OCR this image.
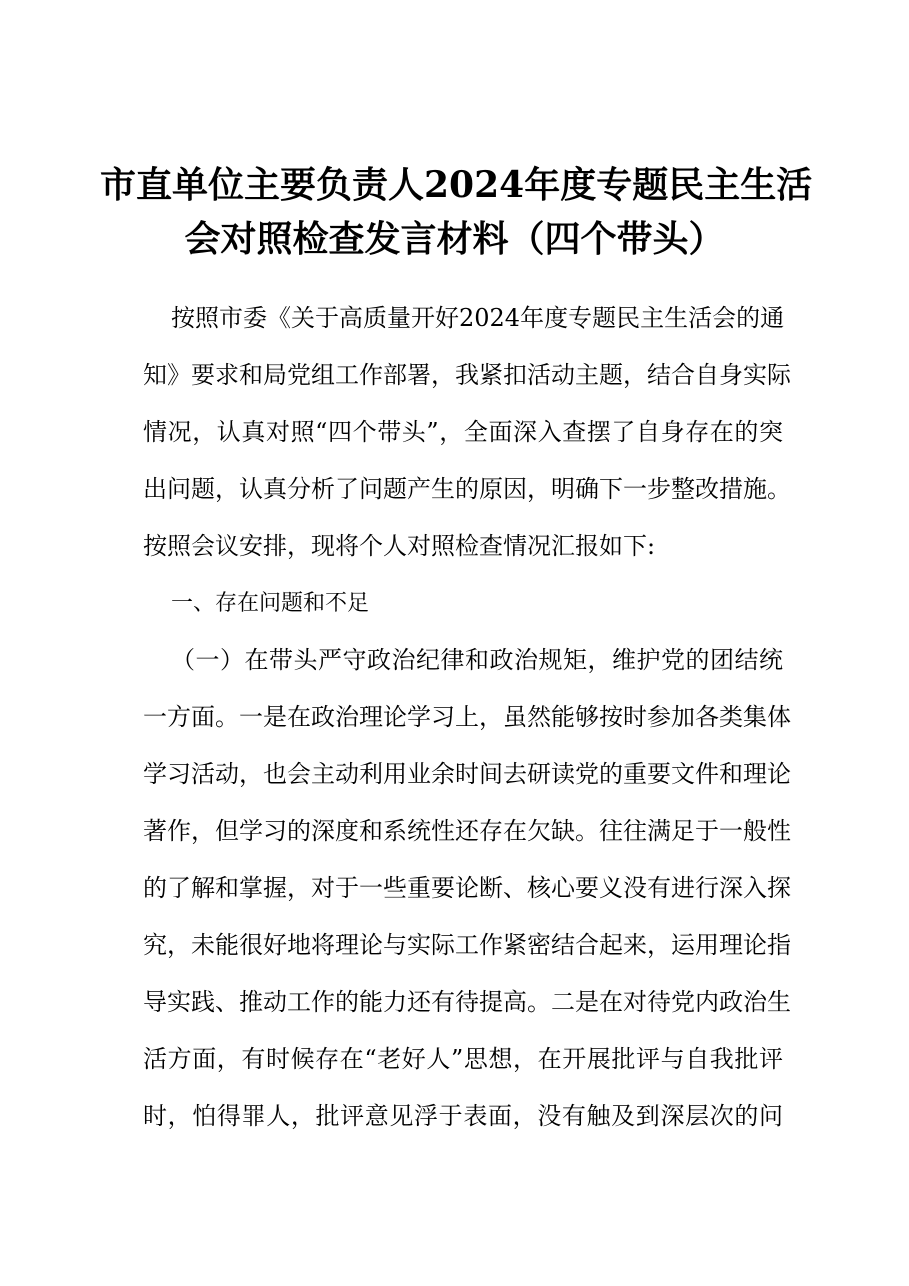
市直单位主要负责人2024年度专题民主生活
会对照检查发言材料（四个带头）
按照市委《关于高质量开好2024年度专题民主生活会的通
知》要求和局党组工作部署，我紧扣活动主题，结合自身实际
情况，认真对照“四个带头”，全面深入查摆了自身存在的突
出问题，认真分析了问题产生的原因，明确下一步整改措施。
按照会议安排，现将个人对照检查情况汇报如下:
一、存在问题和不足
（一）在带头严守政治纪律和政治规矩，维护党的团结统
一方面。一是在政治理论学习上，虽然能够按时参加各类集体
学习活动，也会主动利用业余时间去研读党的重要文件和理论
著作，但学习的深度和系统性还存在欠缺。往往满足于一般性
的了解和掌握，对于一些重要论断、核心要义没有进行深入探
究，未能很好地将理论与实际工作紧密结合起来，运用理论指
导实践、推动工作的能力还有待提高。二是在对待党内政治生
活方面，有时候存在“老好人”思想，在开展批评与自我批评
时，怕得罪人，批评意见浮于表面，没有触及到深层次的问
